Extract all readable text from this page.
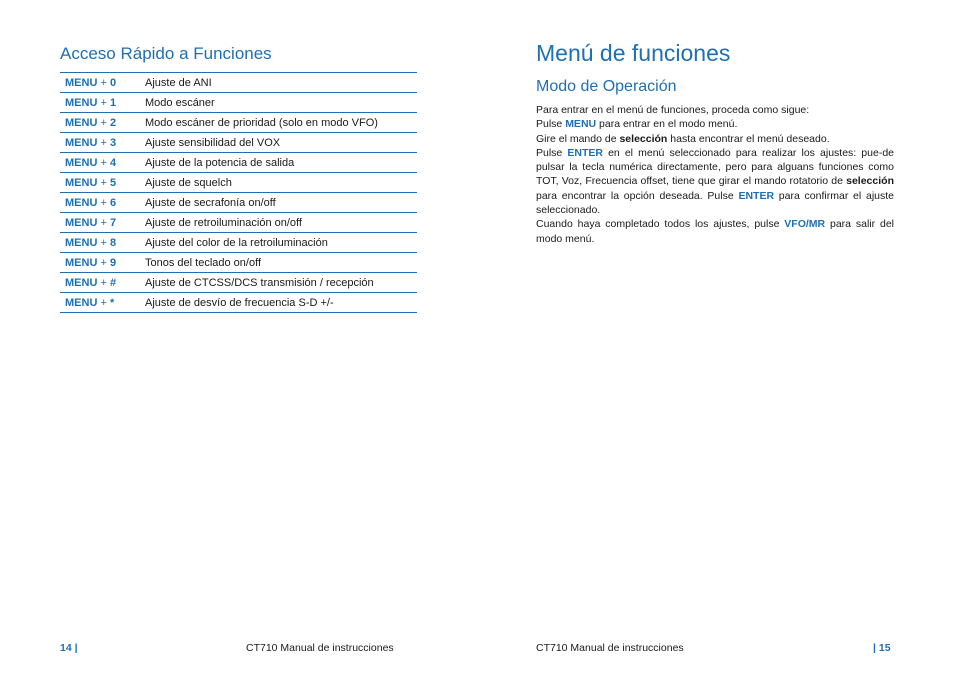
Acceso Rápido a Funciones
MENU + 0	Ajuste de ANI
MENU + 1	Modo escáner
MENU + 2	Modo escáner de prioridad (solo en modo VFO)
MENU + 3	Ajuste sensibilidad del VOX
MENU + 4	Ajuste de la potencia de salida
MENU + 5	Ajuste de squelch
MENU + 6	Ajuste de secrafonía on/off
MENU + 7	Ajuste de retroiluminación on/off
MENU + 8	Ajuste del color de la retroiluminación
MENU + 9	Tonos del teclado on/off
MENU + #	Ajuste de CTCSS/DCS transmisión / recepción
MENU + *	Ajuste de desvío de frecuencia S-D +/-
14 |	CT710 Manual de instrucciones
Menú de funciones
Modo de Operación

Para entrar en el menú de funciones, proceda como sigue:

Pulse MENU para entrar en el modo menú.

Gire el mando de selección hasta encontrar el menú deseado.

Pulse ENTER en el menú seleccionado para realizar los ajustes: pue-de pulsar la tecla numérica directamente, pero para alguans funciones como TOT, Voz, Frecuencia offset, tiene que girar el mando rotatorio de selección para encontrar la opción deseada. Pulse ENTER para confirmar el ajuste seleccionado.

Cuando haya completado todos los ajustes, pulse VFO/MR para salir del modo menú.

CT710 Manual de instrucciones	| 15
